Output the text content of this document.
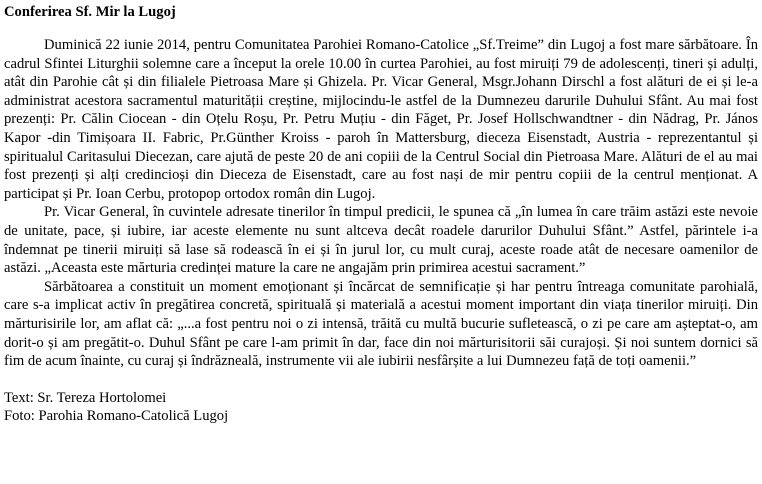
Conferirea Sf. Mir la Lugoj

Duminică 22 iunie 2014, pentru Comunitatea Parohiei Romano-Catolice „Sf.Treime” din Lugoj a fost mare sărbătoare. În cadrul Sfintei Liturghii solemne care a început la orele 10.00 în curtea Parohiei, au fost miruiți 79 de adolescenți, tineri și adulți, atât din Parohie cât și din filialele Pietroasa Mare și Ghizela. Pr. Vicar General, Msgr.Johann Dirschl a fost alături de ei și le-a administrat acestora sacramentul maturității creștine, mijlocindu-le astfel de la Dumnezeu darurile Duhului Sfânt. Au mai fost prezenți: Pr. Călin Ciocean - din Oțelu Roșu, Pr. Petru Muțiu - din Făget, Pr. Josef Hollschwandtner - din Nădrag, Pr. János Kapor -din Timișoara II. Fabric, Pr.Günther Kroiss - paroh în Mattersburg, dieceza Eisenstadt, Austria - reprezentantul și spiritualul Caritasului Diecezan, care ajută de peste 20 de ani copiii de la Centrul Social din Pietroasa Mare. Alături de el au mai fost prezenți și alți credincioși din Dieceza de Eisenstadt, care au fost nași de mir pentru copiii de la centrul menționat. A participat și Pr. Ioan Cerbu, protopop ortodox român din Lugoj.

Pr. Vicar General, în cuvintele adresate tinerilor în timpul predicii, le spunea că „în lumea în care trăim astăzi este nevoie de unitate, pace, și iubire, iar aceste elemente nu sunt altceva decât roadele darurilor Duhului Sfânt.” Astfel, părintele i-a îndemnat pe tinerii miruiți să lase să rodească în ei și în jurul lor, cu mult curaj, aceste roade atât de necesare oamenilor de astăzi. „Aceasta este mărturia credinței mature la care ne angajăm prin primirea acestui sacrament.”

Sărbătoarea a constituit un moment emoționant și încărcat de semnificație și har pentru întreaga comunitate parohială, care s-a implicat activ în pregătirea concretă, spirituală și materială a acestui moment important din viața tinerilor miruiți. Din mărturisirile lor, am aflat că: „...a fost pentru noi o zi intensă, trăită cu multă bucurie sufletească, o zi pe care am așteptat-o, am dorit-o și am pregătit-o. Duhul Sfânt pe care l-am primit în dar, face din noi mărturisitorii săi curajoși. Și noi suntem dornici să fim de acum înainte, cu curaj și îndrăzneală, instrumente vii ale iubirii nesfârșite a lui Dumnezeu față de toți oamenii.”

Text: Sr. Tereza Hortolomei
Foto: Parohia Romano-Catolică Lugoj
